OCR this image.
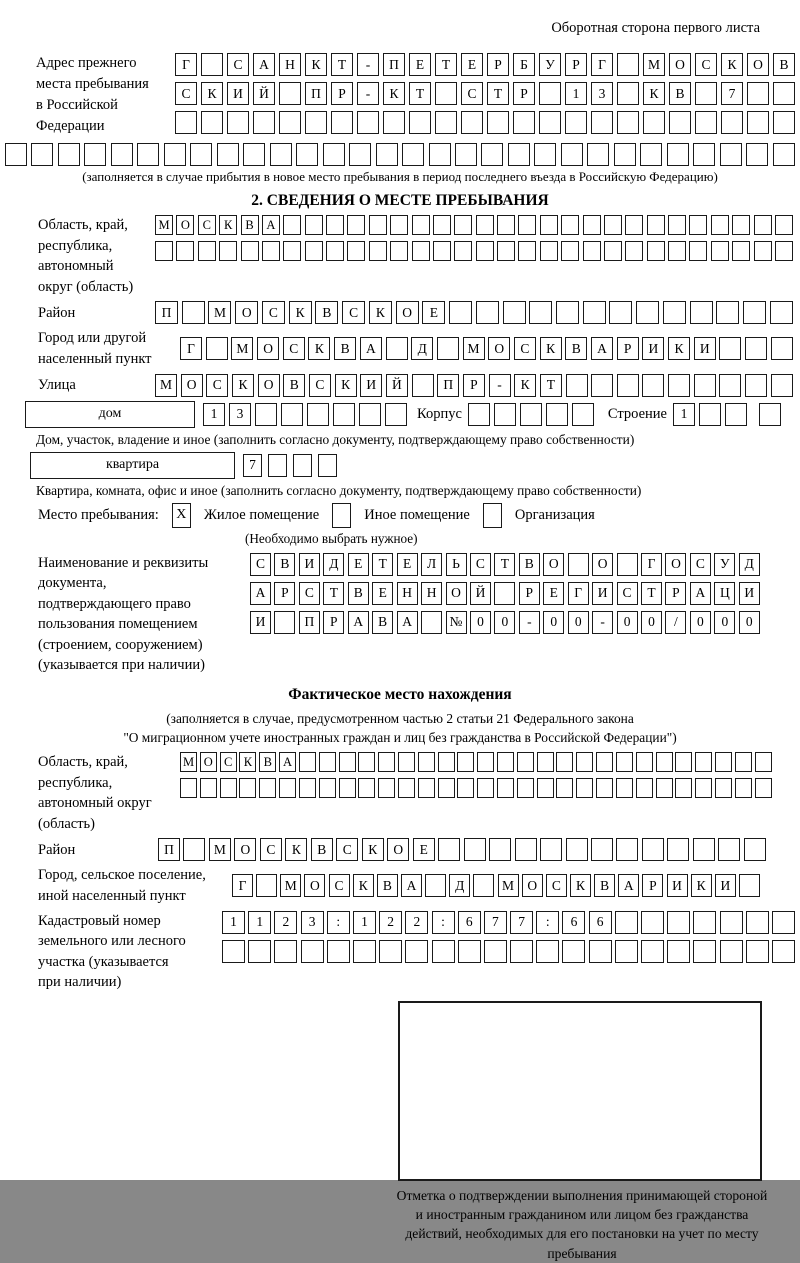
Оборотная сторона первого листа
Адрес прежнего места пребывания в Российской Федерации
Г	С	А	Н	К	Т	-	П	Е	Т	Е	Р	Б	У	Р	Г	М	О	С	К	О	В
С	К	И	Й	П	Р	-	К	Т	С	Т	Р	1	3	К	В	7
(заполняется в случае прибытия в новое место пребывания в период последнего въезда в Российскую Федерацию)
2. СВЕДЕНИЯ О МЕСТЕ ПРЕБЫВАНИЯ
Область, край, республика, автономный округ (область)
М О	С	К	В	А
Район	П	М	О	С	К	В	С	К	О	Е
Город или другой населенный пункт
Г	М	О	С	К	В	А	Д	М	О	С	К	В	А	Р	И	К	И
Улица	М	О	С	К	О	В	С	К	И	Й	П	Р	-	К	Т
дом	1	3	Корпус	Строение	1
Дом, участок, владение и иное (заполнить согласно документу, подтверждающему право собственности)
квартира	7
Квартира, комната, офис и иное (заполнить согласно документу, подтверждающему право собственности)
Место пребывания:	X	Жилое помещение	Иное помещение	Организация
(Необходимо выбрать нужное)
Наименование и реквизиты документа, подтверждающего право пользования помещением (строением, сооружением) (указывается при наличии)
С	В	И	Д	Е	Т	Е	Л	Ь	С	Т	В	О	О	Г	О	С	У	Д
А	Р	С	Т	В	Е	Н	Н	О	Й	Р	Е	Г	И	С	Т	Р	А	Ц	И
И	П	Р	А	В	А	№	0	0	-	0	0	-	0	0	/	0	0	0
Фактическое место нахождения
(заполняется в случае, предусмотренном частью 2 статьи 21 Федерального закона
"О миграционном учете иностранных граждан и лиц без гражданства в Российской Федерации")
Область, край, республика, автономный округ (область)
М О С К В А
Район	П	М	О	С	К	В	С	К	О	Е
Город, сельское поселение, иной населенный пункт
Г	М О	С	К	В	А	Д	М О	С	К	В	А	Р	И	К	И
Кадастровый номер земельного или лесного участка (указывается при наличии)
1	1	2	3	:	1	2	2	:	6	7	7	:	6	6
Отметка о подтверждении выполнения принимающей стороной и иностранным гражданином или лицом без гражданства действий, необходимых для его постановки на учет по месту пребывания
